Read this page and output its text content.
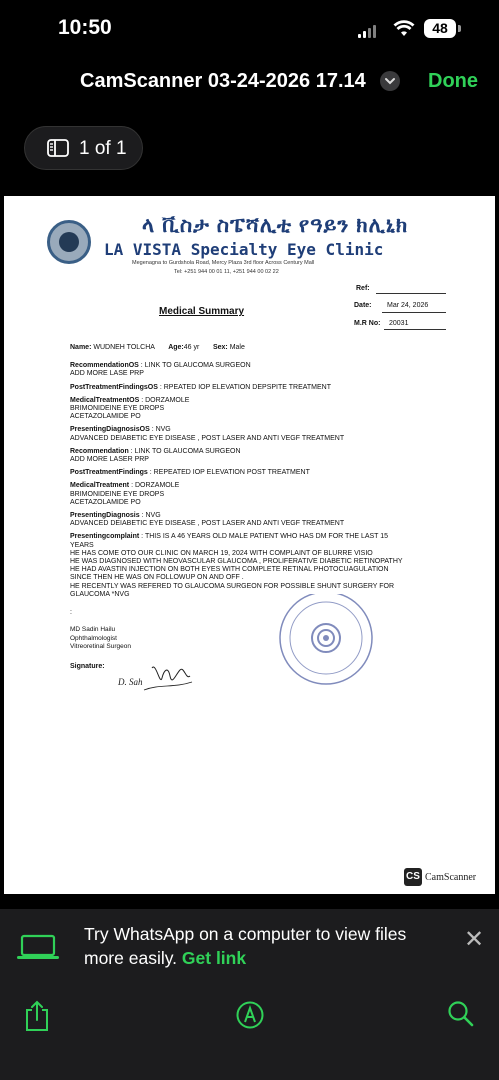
10:50	48
CamScanner 03-24-2026 17.14	Done
1 of 1
ላ ቪስታ ስፔሻሊቲ የዓይን ክሊኒክ
LA VISTA Specialty Eye Clinic
Megenagna to Gurdshola Road, Mercy Plaza 3rd floor Across Century Mall
Tel: +251 944 00 01 11, +251 944 00 02 22
Ref:
Date: Mar 24, 2026
M.R No: 20031
Medical Summary
Name: WUDNEH TOLCHA Age:46 yr Sex: Male
RecommendationOS : LINK TO GLAUCOMA SURGEON
ADD MORE LASE PRP
PostTreatmentFindingsOS : RPEATED IOP ELEVATION DEPSPITE TREATMENT
MedicalTreatmentOS : DORZAMOLE
BRIMONIDEINE EYE DROPS
ACETAZOLAMIDE PO
PresentingDiagnosisOS : NVG
ADVANCED DEIABETIC EYE DISEASE , POST LASER AND ANTI VEGF TREATMENT
Recommendation : LINK TO GLAUCOMA SURGEON
ADD MORE LASER PRP
PostTreatmentFindings : REPEATED IOP ELEVATION POST TREATMENT
MedicalTreatment : DORZAMOLE
BRIMONIDEINE EYE DROPS
ACETAZOLAMIDE PO
PresentingDiagnosis : NVG
ADVANCED DEIABETIC EYE DISEASE , POST LASER AND ANTI VEGF TREATMENT
Presentingcomplaint : THIS IS A 46 YEARS OLD MALE PATIENT WHO HAS DM FOR THE LAST 15
YEARS
HE HAS COME OTO OUR CLINIC ON MARCH 19, 2024 WITH COMPLAINT OF BLURRE VISIO
HE WAS DIAGNOSED WITH NEOVASCULAR GLAUCOMA , PROLIFERATIVE DIABETIC RETINOPATHY
HE HAD AVASTIN INJECTION ON BOTH EYES WITH COMPLETE RETINAL PHOTOCUAGULATION
SINCE THEN HE WAS ON FOLLOWUP ON AND OFF .
HE RECENTLY WAS REFERED TO GLAUCOMA SURGEON FOR POSSIBLE SHUNT SURGERY FOR
GLAUCOMA *NVG
:
MD Sadin Hailu
Ophthalmologist
Vitreoretinal Surgeon
Signature:
D. Sah
CS CamScanner
Try WhatsApp on a computer to view files more easily. Get link
✕
